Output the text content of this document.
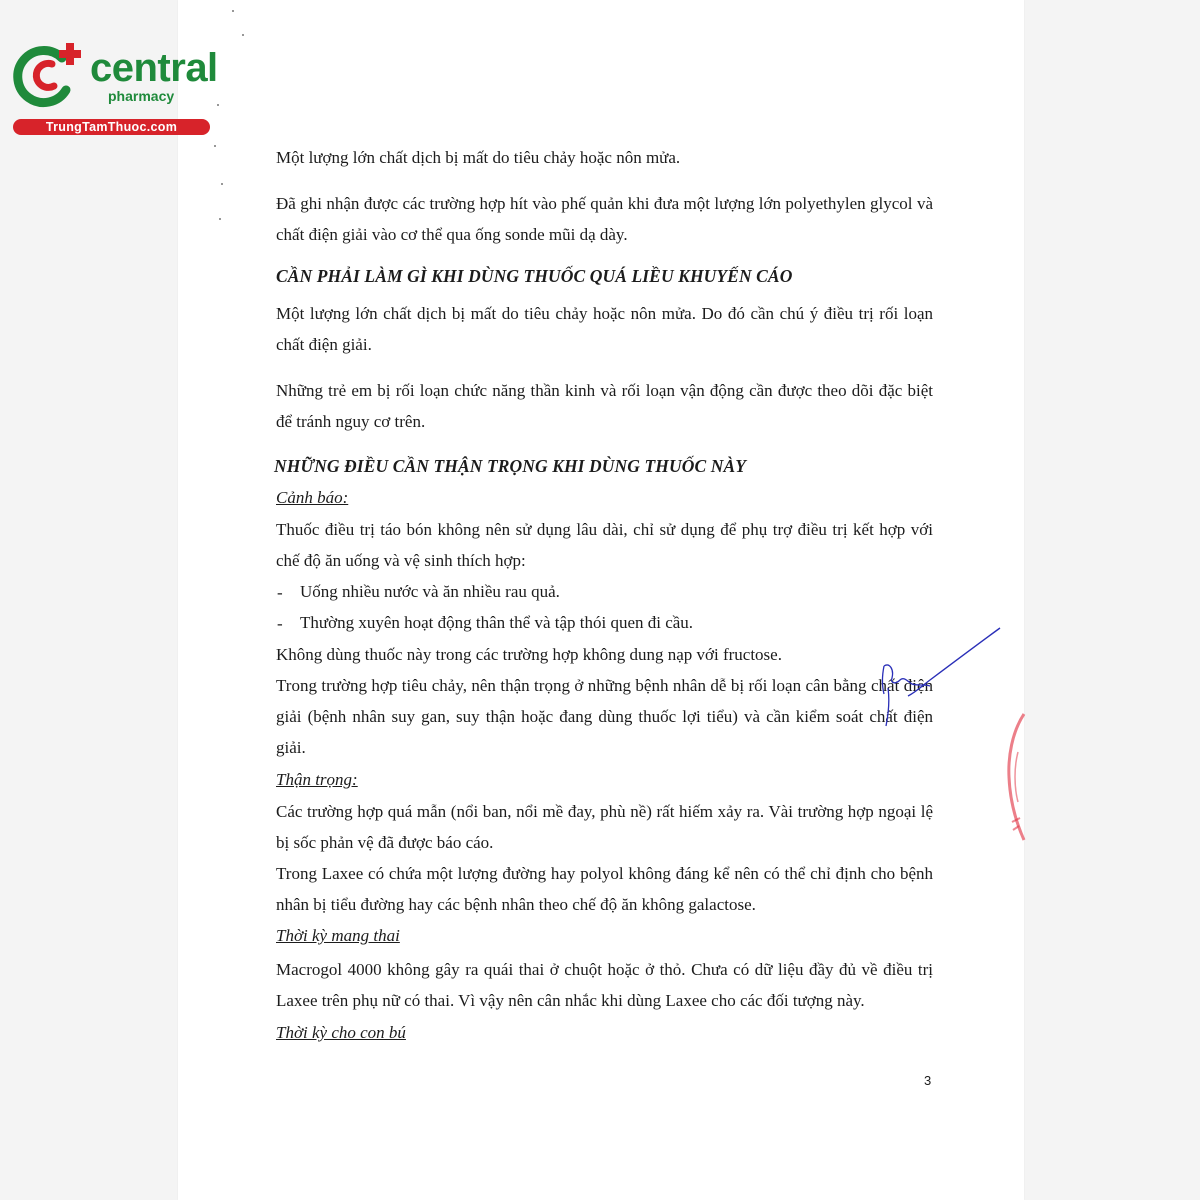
central
pharmacy
TrungTamThuoc.com

Một lượng lớn chất dịch bị mất do tiêu chảy hoặc nôn mửa.

Đã ghi nhận được các trường hợp hít vào phế quản khi đưa một lượng lớn polyethylen glycol và chất điện giải vào cơ thể qua ống sonde mũi dạ dày.

CẦN PHẢI LÀM GÌ KHI DÙNG THUỐC QUÁ LIỀU KHUYẾN CÁO

Một lượng lớn chất dịch bị mất do tiêu chảy hoặc nôn mửa. Do đó cần chú ý điều trị rối loạn chất điện giải.

Những trẻ em bị rối loạn chức năng thần kinh và rối loạn vận động cần được theo dõi đặc biệt để tránh nguy cơ trên.

NHỮNG ĐIỀU CẦN THẬN TRỌNG KHI DÙNG THUỐC NÀY

Cảnh báo:

Thuốc điều trị táo bón không nên sử dụng lâu dài, chỉ sử dụng để phụ trợ điều trị kết hợp với chế độ ăn uống và vệ sinh thích hợp:

- Uống nhiều nước và ăn nhiều rau quả.

- Thường xuyên hoạt động thân thể và tập thói quen đi cầu.

Không dùng thuốc này trong các trường hợp không dung nạp với fructose.

Trong trường hợp tiêu chảy, nên thận trọng ở những bệnh nhân dễ bị rối loạn cân bằng chất điện giải (bệnh nhân suy gan, suy thận hoặc đang dùng thuốc lợi tiểu) và cần kiểm soát chất điện giải.

Thận trọng:

Các trường hợp quá mẫn (nổi ban, nổi mề đay, phù nề) rất hiếm xảy ra. Vài trường hợp ngoại lệ bị sốc phản vệ đã được báo cáo.

Trong Laxee có chứa một lượng đường hay polyol không đáng kể nên có thể chỉ định cho bệnh nhân bị tiểu đường hay các bệnh nhân theo chế độ ăn không galactose.

Thời kỳ mang thai

Macrogol 4000 không gây ra quái thai ở chuột hoặc ở thỏ. Chưa có dữ liệu đầy đủ về điều trị Laxee trên phụ nữ có thai. Vì vậy nên cân nhắc khi dùng Laxee cho các đối tượng này.

Thời kỳ cho con bú

3
